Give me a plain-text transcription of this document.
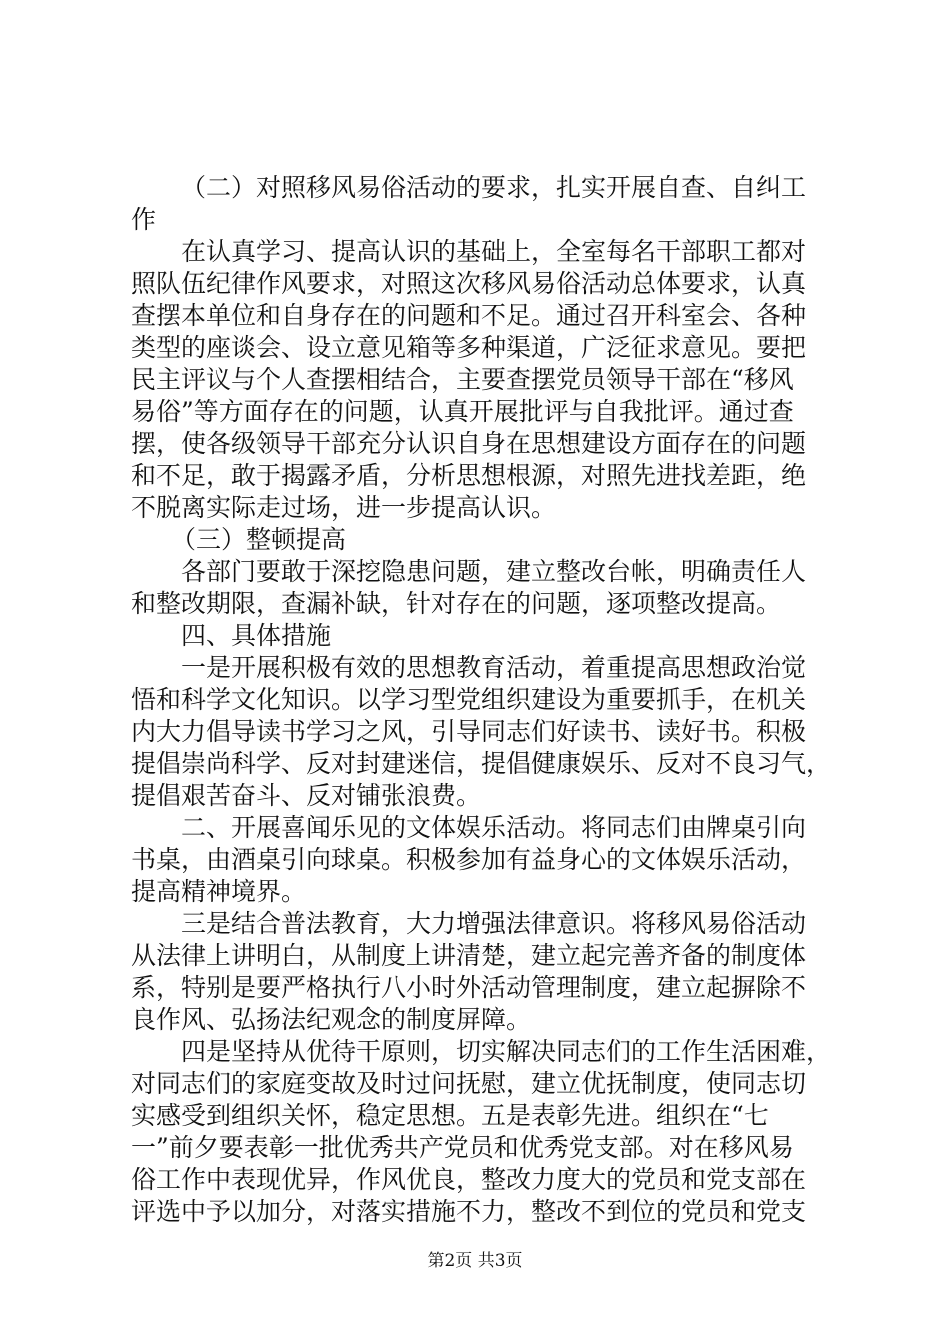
（二）对照移风易俗活动的要求，扎实开展自查、自纠工
作
在认真学习、提高认识的基础上，全室每名干部职工都对
照队伍纪律作风要求，对照这次移风易俗活动总体要求，认真
查摆本单位和自身存在的问题和不足。通过召开科室会、各种
类型的座谈会、设立意见箱等多种渠道，广泛征求意见。要把
民主评议与个人查摆相结合，主要查摆党员领导干部在“移风
易俗”等方面存在的问题，认真开展批评与自我批评。通过查
摆，使各级领导干部充分认识自身在思想建设方面存在的问题
和不足，敢于揭露矛盾，分析思想根源，对照先进找差距，绝
不脱离实际走过场，进一步提高认识。
（三）整顿提高
各部门要敢于深挖隐患问题，建立整改台帐，明确责任人
和整改期限，查漏补缺，针对存在的问题，逐项整改提高。
四、具体措施
一是开展积极有效的思想教育活动，着重提高思想政治觉
悟和科学文化知识。以学习型党组织建设为重要抓手，在机关
内大力倡导读书学习之风，引导同志们好读书、读好书。积极
提倡崇尚科学、反对封建迷信，提倡健康娱乐、反对不良习气，
提倡艰苦奋斗、反对铺张浪费。
二、开展喜闻乐见的文体娱乐活动。将同志们由牌桌引向
书桌，由酒桌引向球桌。积极参加有益身心的文体娱乐活动，
提高精神境界。
三是结合普法教育，大力增强法律意识。将移风易俗活动
从法律上讲明白，从制度上讲清楚，建立起完善齐备的制度体
系，特别是要严格执行八小时外活动管理制度，建立起摒除不
良作风、弘扬法纪观念的制度屏障。
四是坚持从优待干原则，切实解决同志们的工作生活困难，
对同志们的家庭变故及时过问抚慰，建立优抚制度，使同志切
实感受到组织关怀，稳定思想。五是表彰先进。组织在“七
一”前夕要表彰一批优秀共产党员和优秀党支部。对在移风易
俗工作中表现优异，作风优良，整改力度大的党员和党支部在
评选中予以加分，对落实措施不力，整改不到位的党员和党支
第2页 共3页
